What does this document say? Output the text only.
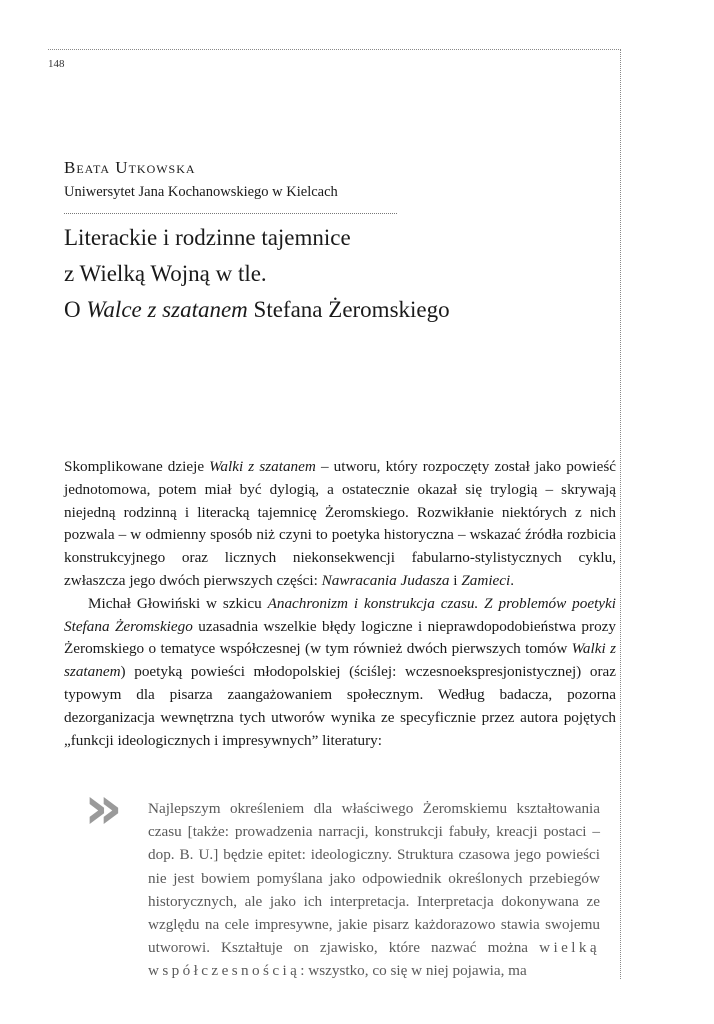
148
Beata Utkowska
Uniwersytet Jana Kochanowskiego w Kielcach
Literackie i rodzinne tajemnice
z Wielką Wojną w tle.
O Walce z szatanem Stefana Żeromskiego

Skomplikowane dzieje Walki z szatanem – utworu, który rozpoczęty został jako powieść jednotomowa, potem miał być dylogią, a ostatecznie okazał się trylogią – skrywają niejedną rodzinną i literacką tajemnicę Żeromskiego. Rozwikłanie niektórych z nich pozwala – w odmienny sposób niż czyni to poetyka historyczna – wskazać źródła rozbicia konstrukcyjnego oraz licznych niekonsekwencji fabularno-stylistycznych cyklu, zwłaszcza jego dwóch pierwszych części: Nawracania Judasza i Zamieci.

Michał Głowiński w szkicu Anachronizm i konstrukcja czasu. Z problemów poetyki Stefana Żeromskiego uzasadnia wszelkie błędy logiczne i nieprawdopodobieństwa prozy Żeromskiego o tematyce współczesnej (w tym również dwóch pierwszych tomów Walki z szatanem) poetyką powieści młodopolskiej (ściślej: wczesnoekspresjonistycznej) oraz typowym dla pisarza zaangażowaniem społecznym. Według badacza, pozorna dezorganizacja wewnętrzna tych utworów wynika ze specyficznie przez autora pojętych „funkcji ideologicznych i impresywnych” literatury:

» Najlepszym określeniem dla właściwego Żeromskiemu kształtowania czasu [także: prowadzenia narracji, konstrukcji fabuły, kreacji postaci – dop. B. U.] będzie epitet: ideologiczny. Struktura czasowa jego powieści nie jest bowiem pomyślana jako odpowiednik określonych przebiegów historycznych, ale jako ich interpretacja. Interpretacja dokonywana ze względu na cele impresywne, jakie pisarz każdorazowo stawia swojemu utworowi. Kształtuje on zjawisko, które nazwać można wielką współczesnością: wszystko, co się w niej pojawia, ma
